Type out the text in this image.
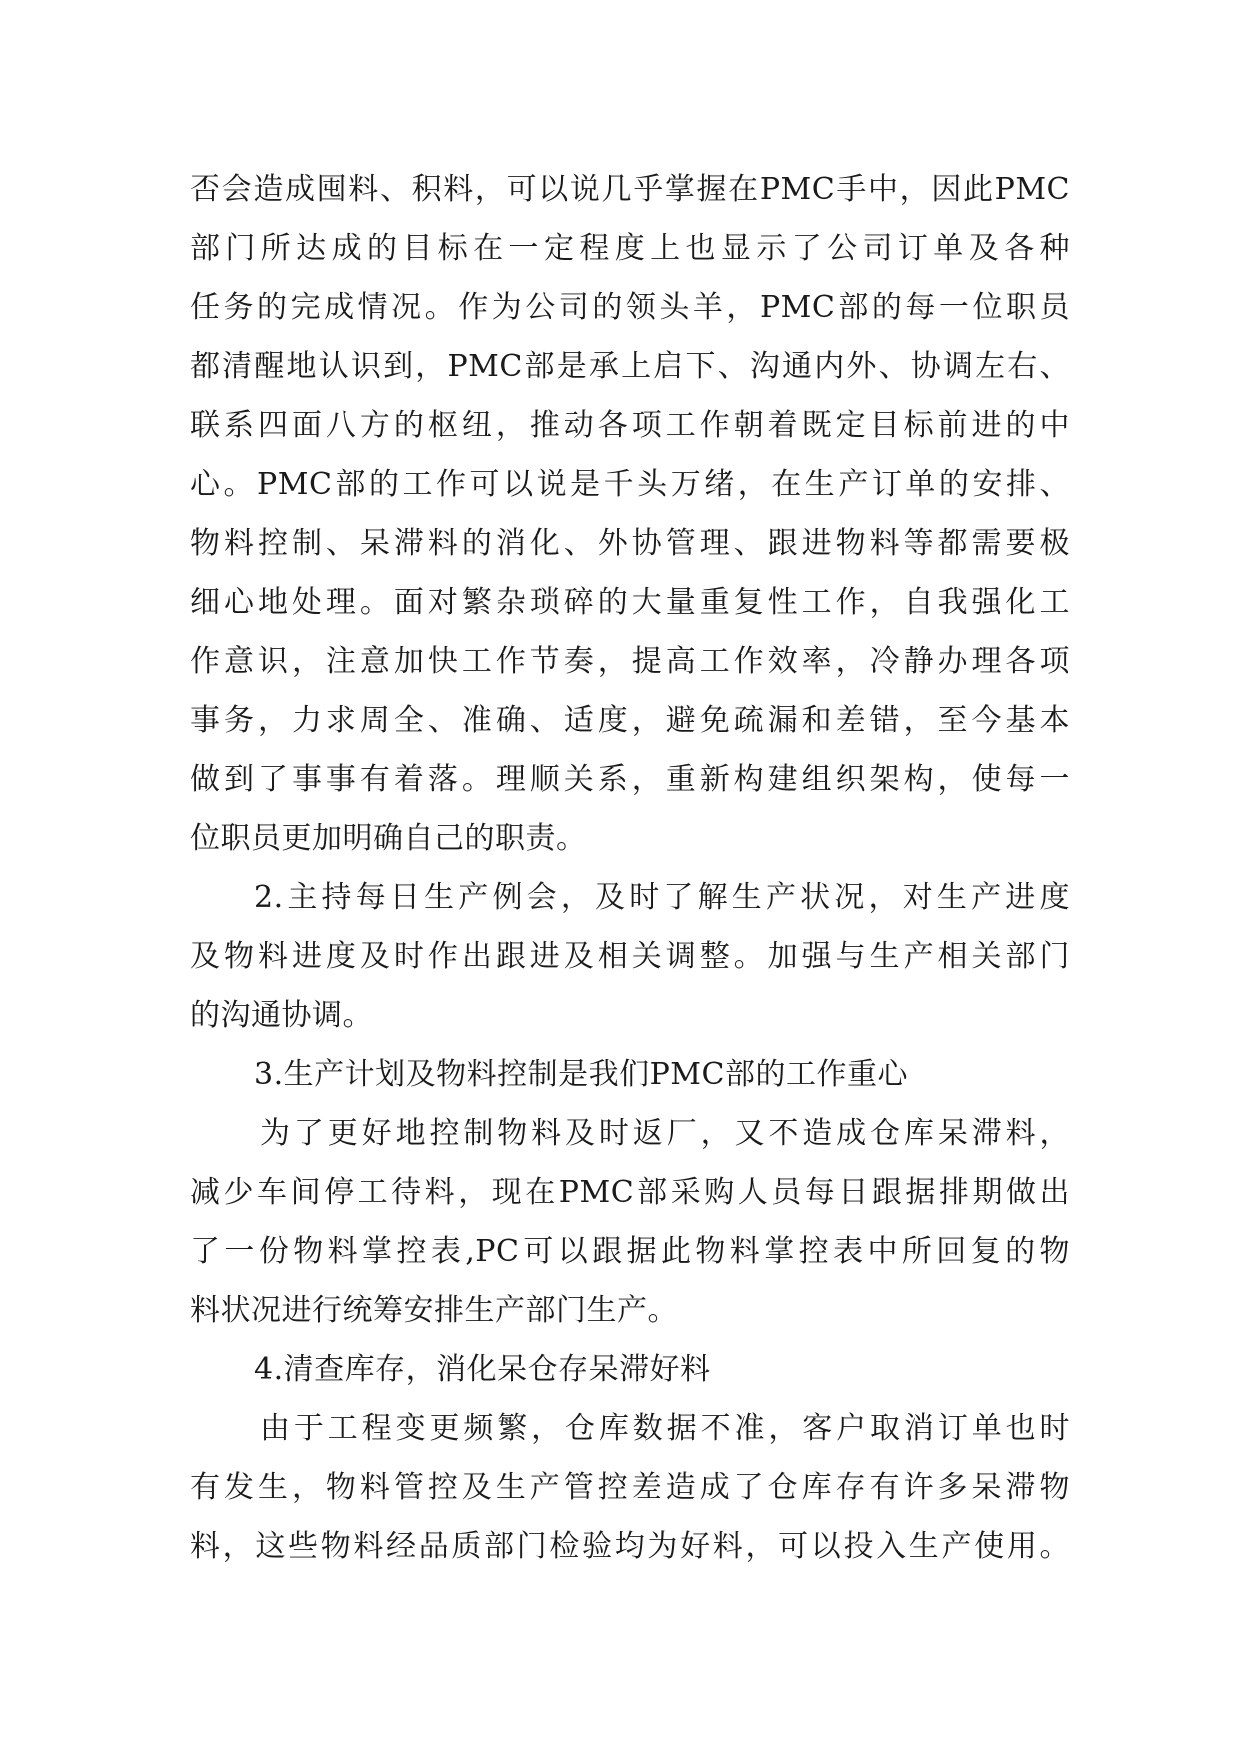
否会造成囤料、积料，可以说几乎掌握在PMC手中，因此PMC
部门所达成的目标在一定程度上也显示了公司订单及各种
任务的完成情况。作为公司的领头羊，PMC部的每一位职员
都清醒地认识到，PMC部是承上启下、沟通内外、协调左右、
联系四面八方的枢纽，推动各项工作朝着既定目标前进的中
心。PMC部的工作可以说是千头万绪，在生产订单的安排、
物料控制、呆滞料的消化、外协管理、跟进物料等都需要极
细心地处理。面对繁杂琐碎的大量重复性工作，自我强化工
作意识，注意加快工作节奏，提高工作效率，冷静办理各项
事务，力求周全、准确、适度，避免疏漏和差错，至今基本
做到了事事有着落。理顺关系，重新构建组织架构，使每一
位职员更加明确自己的职责。
2.主持每日生产例会，及时了解生产状况，对生产进度
及物料进度及时作出跟进及相关调整。加强与生产相关部门
的沟通协调。
3.生产计划及物料控制是我们PMC部的工作重心
为了更好地控制物料及时返厂，又不造成仓库呆滞料，
减少车间停工待料，现在PMC部采购人员每日跟据排期做出
了一份物料掌控表,PC可以跟据此物料掌控表中所回复的物
料状况进行统筹安排生产部门生产。
4.清查库存，消化呆仓存呆滞好料
由于工程变更频繁，仓库数据不准，客户取消订单也时
有发生，物料管控及生产管控差造成了仓库存有许多呆滞物
料，这些物料经品质部门检验均为好料，可以投入生产使用。
